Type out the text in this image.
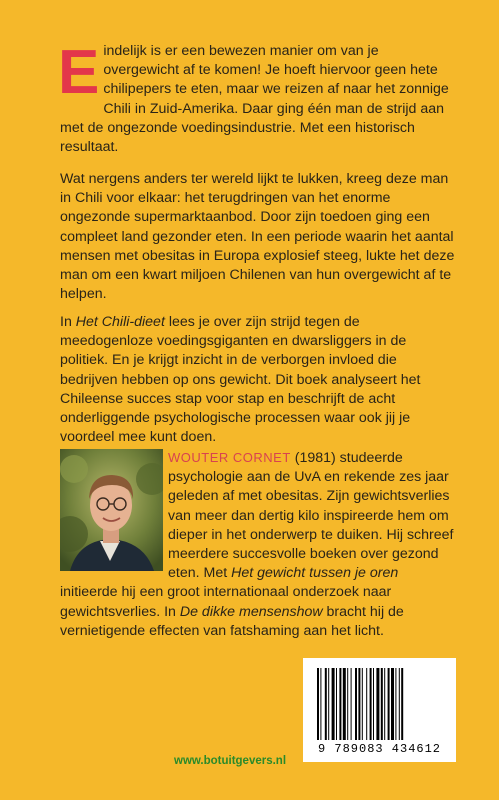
Eindelijk is er een bewezen manier om van je overgewicht af te komen! Je hoeft hiervoor geen hete chilipepers te eten, maar we reizen af naar het zonnige Chili in Zuid-Amerika. Daar ging één man de strijd aan met de ongezonde voedingsindustrie. Met een historisch resultaat.

Wat nergens anders ter wereld lijkt te lukken, kreeg deze man in Chili voor elkaar: het terugdringen van het enorme ongezonde supermarktaanbod. Door zijn toedoen ging een compleet land gezonder eten. In een periode waarin het aantal mensen met obesitas in Europa explosief steeg, lukte het deze man om een kwart miljoen Chilenen van hun overgewicht af te helpen.

In Het Chili-dieet lees je over zijn strijd tegen de meedogenloze voedingsgiganten en dwarsliggers in de politiek. En je krijgt inzicht in de verborgen invloed die bedrijven hebben op ons gewicht. Dit boek analyseert het Chileense succes stap voor stap en beschrijft de acht onderliggende psychologische processen waar ook jij je voordeel mee kunt doen.

WOUTER CORNET (1981) studeerde psychologie aan de UvA en rekende zes jaar geleden af met obesitas. Zijn gewichtsverlies van meer dan dertig kilo inspireerde hem om dieper in het onderwerp te duiken. Hij schreef meerdere succesvolle boeken over gezond eten. Met Het gewicht tussen je oren initieerde hij een groot internationaal onderzoek naar gewichtsverlies. In De dikke mensenshow bracht hij de vernietigende effecten van fatshaming aan het licht.
9 789083 434612
www.botuitgevers.nl
